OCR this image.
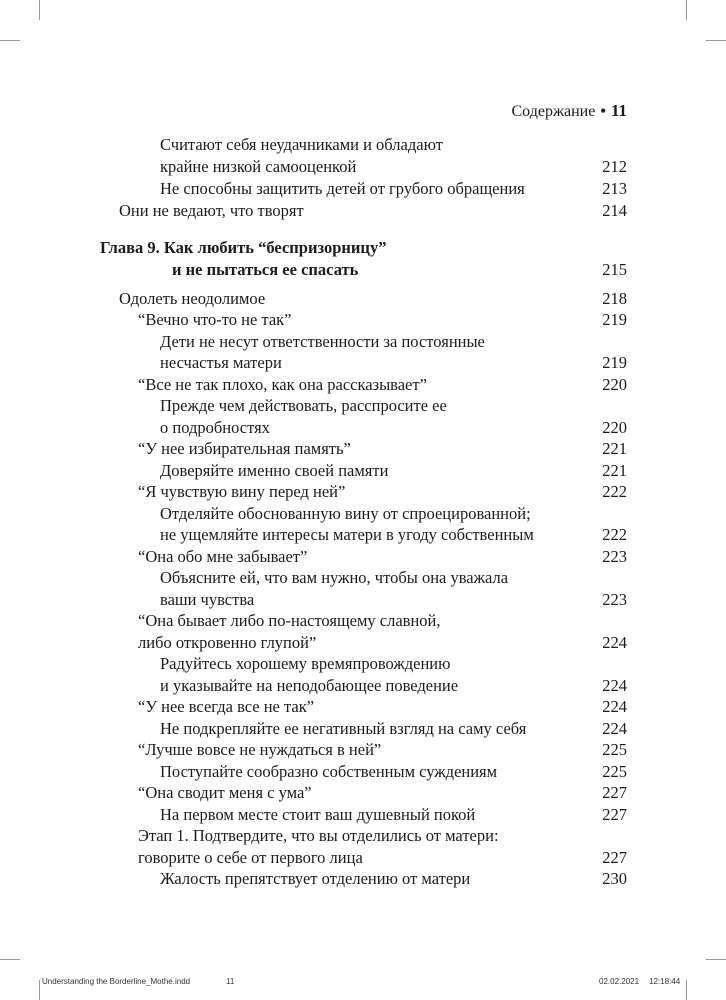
Содержание • 11
Считают себя неудачниками и обладают
крайне низкой самооценкой	212
Не способны защитить детей от грубого обращения	213
Они не ведают, что творят	214
Глава 9. Как любить “беспризорницу”
и не пытаться ее спасать	215
Одолеть неодолимое	218
“Вечно что-то не так”	219
Дети не несут ответственности за постоянные
несчастья матери	219
“Все не так плохо, как она рассказывает”	220
Прежде чем действовать, расспросите ее
о подробностях	220
“У нее избирательная память”	221
Доверяйте именно своей памяти	221
“Я чувствую вину перед ней”	222
Отделяйте обоснованную вину от спроецированной;
не ущемляйте интересы матери в угоду собственным	222
“Она обо мне забывает”	223
Объясните ей, что вам нужно, чтобы она уважала
ваши чувства	223
“Она бывает либо по-настоящему славной,
либо откровенно глупой”	224
Радуйтесь хорошему времяпровождению
и указывайте на неподобающее поведение	224
“У нее всегда все не так”	224
Не подкрепляйте ее негативный взгляд на саму себя	224
“Лучше вовсе не нуждаться в ней”	225
Поступайте сообразно собственным суждениям	225
“Она сводит меня с ума”	227
На первом месте стоит ваш душевный покой	227
Этап 1. Подтвердите, что вы отделились от матери:
говорите о себе от первого лица	227
Жалость препятствует отделению от матери	230
Understanding the Borderline_Mothe.indd	11	02.02.2021 12:18:44
